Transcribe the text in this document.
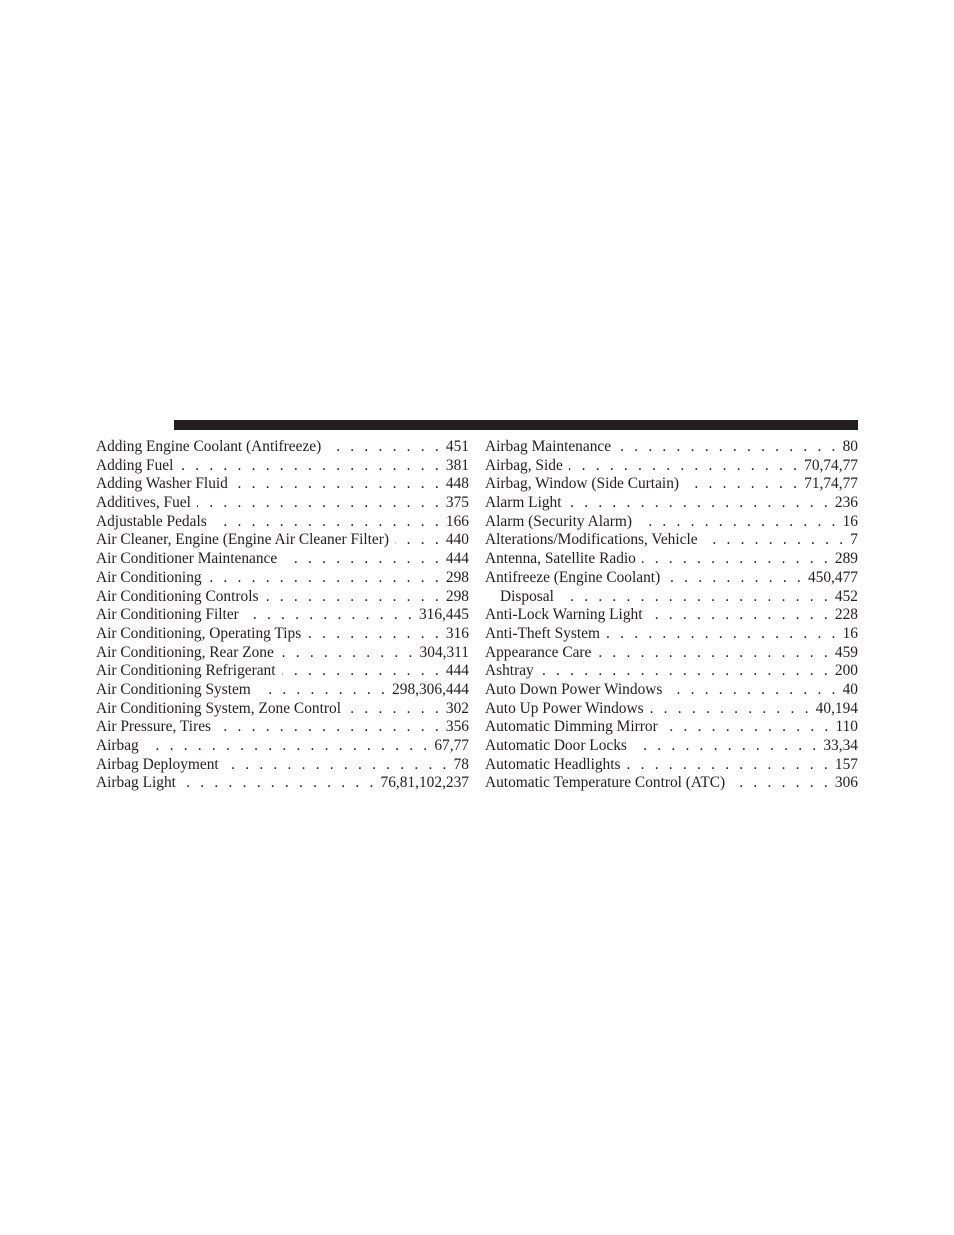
Adding Engine Coolant (Antifreeze) . . .	451
Adding Fuel . . .	381
Adding Washer Fluid . . .	448
Additives, Fuel . . .	375
Adjustable Pedals . . .	166
Air Cleaner, Engine (Engine Air Cleaner Filter) . . .	440
Air Conditioner Maintenance . . .	444
Air Conditioning . . .	298
Air Conditioning Controls . . .	298
Air Conditioning Filter . . .	316,445
Air Conditioning, Operating Tips . . .	316
Air Conditioning, Rear Zone . . .	304,311
Air Conditioning Refrigerant . . .	444
Air Conditioning System . . .	298,306,444
Air Conditioning System, Zone Control . . .	302
Air Pressure, Tires . . .	356
Airbag . . .	67,77
Airbag Deployment . . .	78
Airbag Light . . .	76,81,102,237
Airbag Maintenance . . .	80
Airbag, Side . . .	70,74,77
Airbag, Window (Side Curtain) . . .	71,74,77
Alarm Light . . .	236
Alarm (Security Alarm) . . .	16
Alterations/Modifications, Vehicle . . .	7
Antenna, Satellite Radio . . .	289
Antifreeze (Engine Coolant) . . .	450,477
Disposal . . .	452
Anti-Lock Warning Light . . .	228
Anti-Theft System . . .	16
Appearance Care . . .	459
Ashtray . . .	200
Auto Down Power Windows . . .	40
Auto Up Power Windows . . .	40,194
Automatic Dimming Mirror . . .	110
Automatic Door Locks . . .	33,34
Automatic Headlights . . .	157
Automatic Temperature Control (ATC) . . .	306
